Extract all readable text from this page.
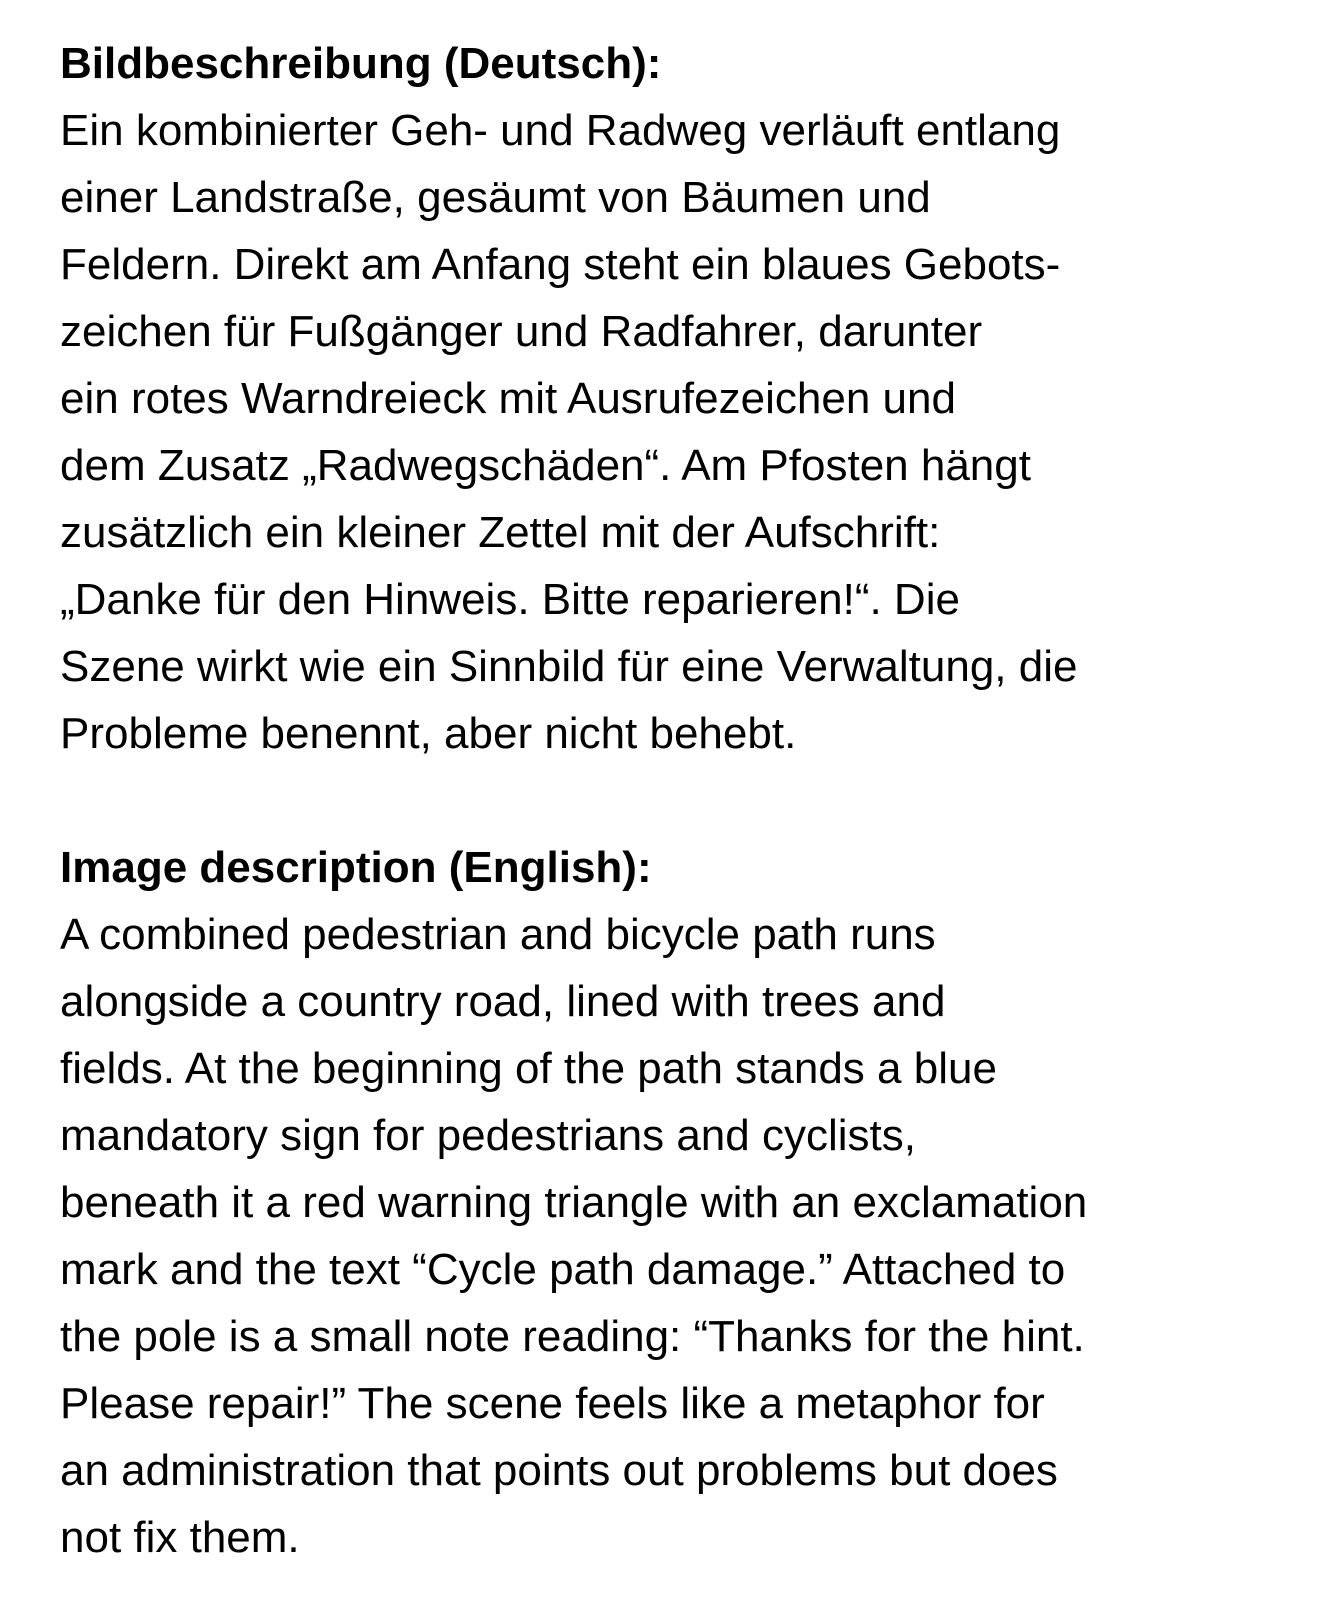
Bildbeschreibung (Deutsch):
Ein kombinierter Geh- und Radweg verläuft entlang
einer Landstraße, gesäumt von Bäumen und
Feldern. Direkt am Anfang steht ein blaues Gebots-
zeichen für Fußgänger und Radfahrer, darunter
ein rotes Warndreieck mit Ausrufezeichen und
dem Zusatz „Radwegschäden“. Am Pfosten hängt
zusätzlich ein kleiner Zettel mit der Aufschrift:
„Danke für den Hinweis. Bitte reparieren!“. Die
Szene wirkt wie ein Sinnbild für eine Verwaltung, die
Probleme benennt, aber nicht behebt.
Image description (English):
A combined pedestrian and bicycle path runs
alongside a country road, lined with trees and
fields. At the beginning of the path stands a blue
mandatory sign for pedestrians and cyclists,
beneath it a red warning triangle with an exclamation
mark and the text “Cycle path damage.” Attached to
the pole is a small note reading: “Thanks for the hint.
Please repair!” The scene feels like a metaphor for
an administration that points out problems but does
not fix them.
